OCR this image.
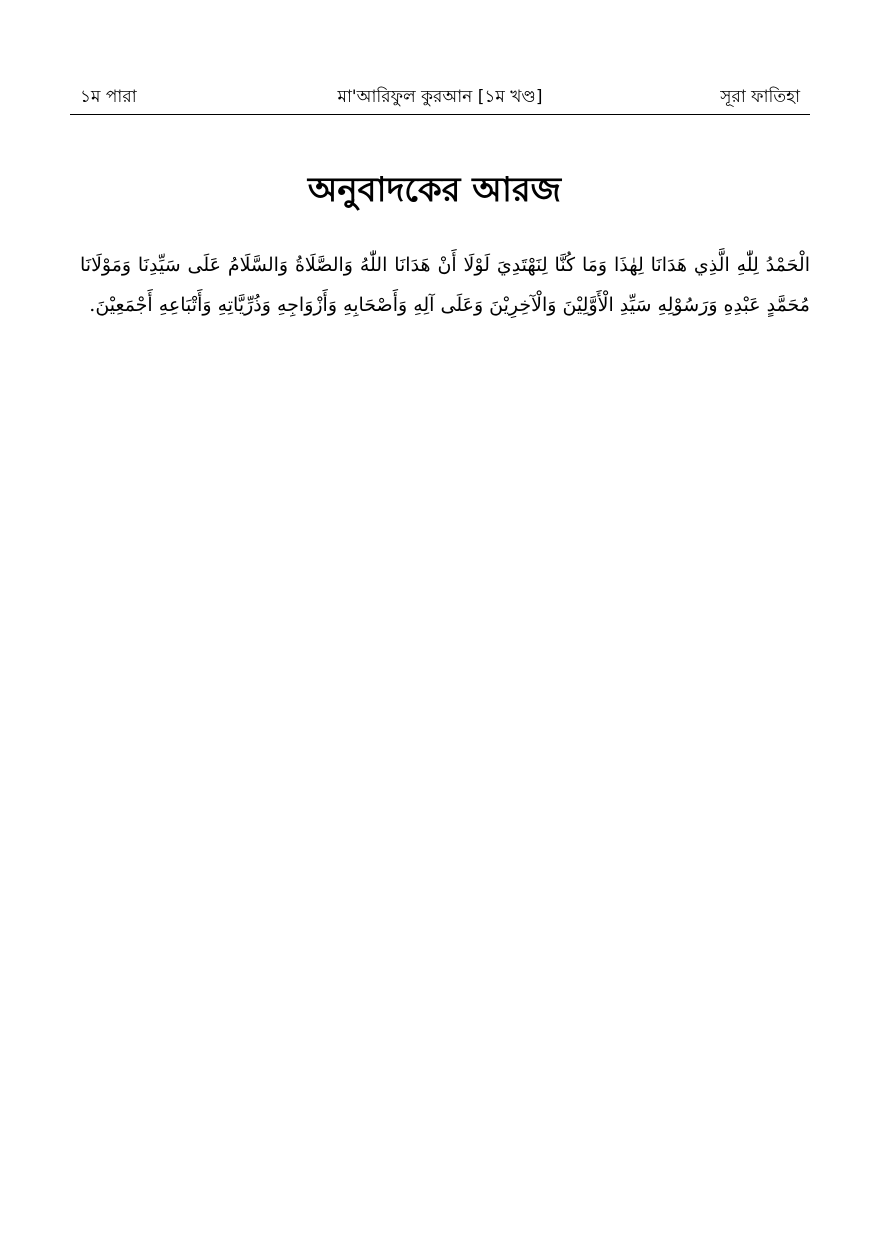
১ম পারা	মা'আরিফুল কুরআন [১ম খণ্ড]	সূরা ফাতিহা
অনুবাদকের আরজ
الْحَمْدُ لِلّٰهِ الَّذِي هَدَانَا لِهٰذَا وَمَا كُنَّا لِنَهْتَدِيَ لَوْلَا أَنْ هَدَانَا اللّٰهُ وَالصَّلَاةُ وَالسَّلَامُ عَلَى سَيِّدِنَا وَمَوْلَانَا مُحَمَّدٍ عَبْدِهِ وَرَسُوْلِهِ سَيِّدِ الْأَوَّلِيْنَ وَالْآخِرِيْنَ وَعَلَى آلِهِ وَأَصْحَابِهِ وَأَزْوَاجِهِ وَذُرِّيَّاتِهِ وَأَتْبَاعِهِ أَجْمَعِيْنَ.
